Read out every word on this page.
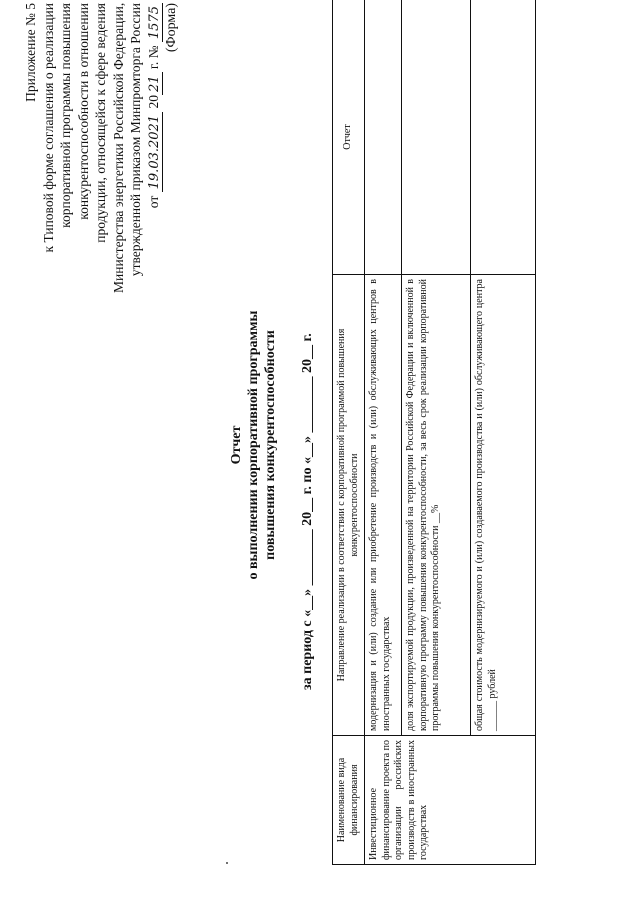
Приложение № 5 к Типовой форме соглашения о реализации корпоративной программы повышения конкурентоспособности в отношении продукции, относящейся к сфере ведения Министерства энергетики Российской Федерации, утвержденной приказом Минпромторга России от 19.03.2021 2021 г. № 1575 (Форма)
Отчет о выполнении корпоративной программы повышения конкурентоспособности за период с «__» ________ 20__ г. по «__» ________ 20__ г.
Наименование вида финансирования	Направление реализации в соответствии с корпоративной программой повышения конкурентоспособности	Отчет
Инвестиционное финансирование проекта по организации российских производств в иностранных государствах	модернизация и (или) создание или приобретение производств и (или) обслуживающих центров в иностранных государствах	
	доля экспортируемой продукции, произведенной на территории Российской Федерации и включенной в корпоративную программу повышения конкурентоспособности, за весь срок реализации корпоративной программы повышения конкурентоспособности __%	
	общая стоимость модернизируемого и (или) создаваемого производства и (или) обслуживающего центра ______ рублей	
